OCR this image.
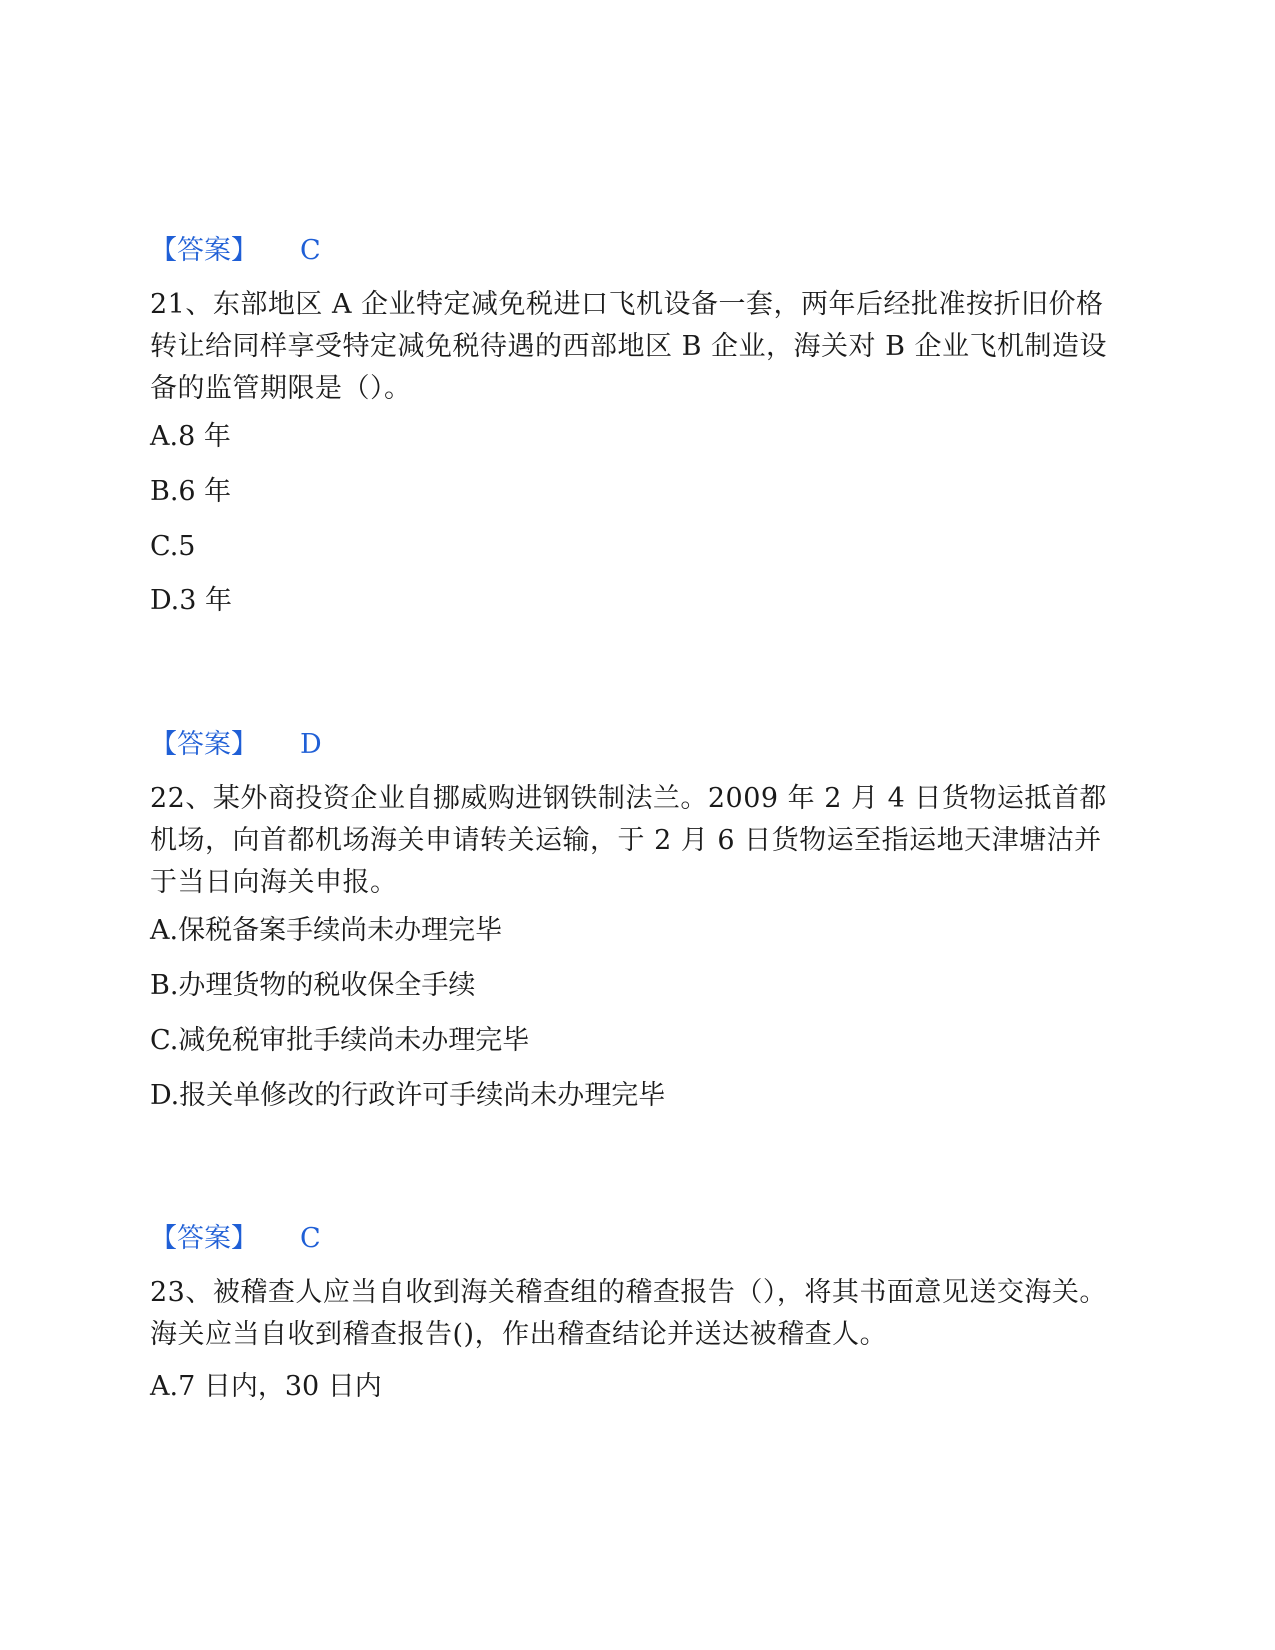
【答案】 C
21、东部地区 A 企业特定减免税进口飞机设备一套，两年后经批准按折旧价格转让给同样享受特定减免税待遇的西部地区 B 企业，海关对 B 企业飞机制造设备的监管期限是（）。
A.8 年
B.6 年
C.5
D.3 年
【答案】 D
22、某外商投资企业自挪威购进钢铁制法兰。2009 年 2 月 4 日货物运抵首都机场，向首都机场海关申请转关运输，于 2 月 6 日货物运至指运地天津塘沽并于当日向海关申报。
A.保税备案手续尚未办理完毕
B.办理货物的税收保全手续
C.减免税审批手续尚未办理完毕
D.报关单修改的行政许可手续尚未办理完毕
【答案】 C
23、被稽查人应当自收到海关稽查组的稽查报告（），将其书面意见送交海关。海关应当自收到稽查报告()，作出稽查结论并送达被稽查人。
A.7 日内，30 日内
